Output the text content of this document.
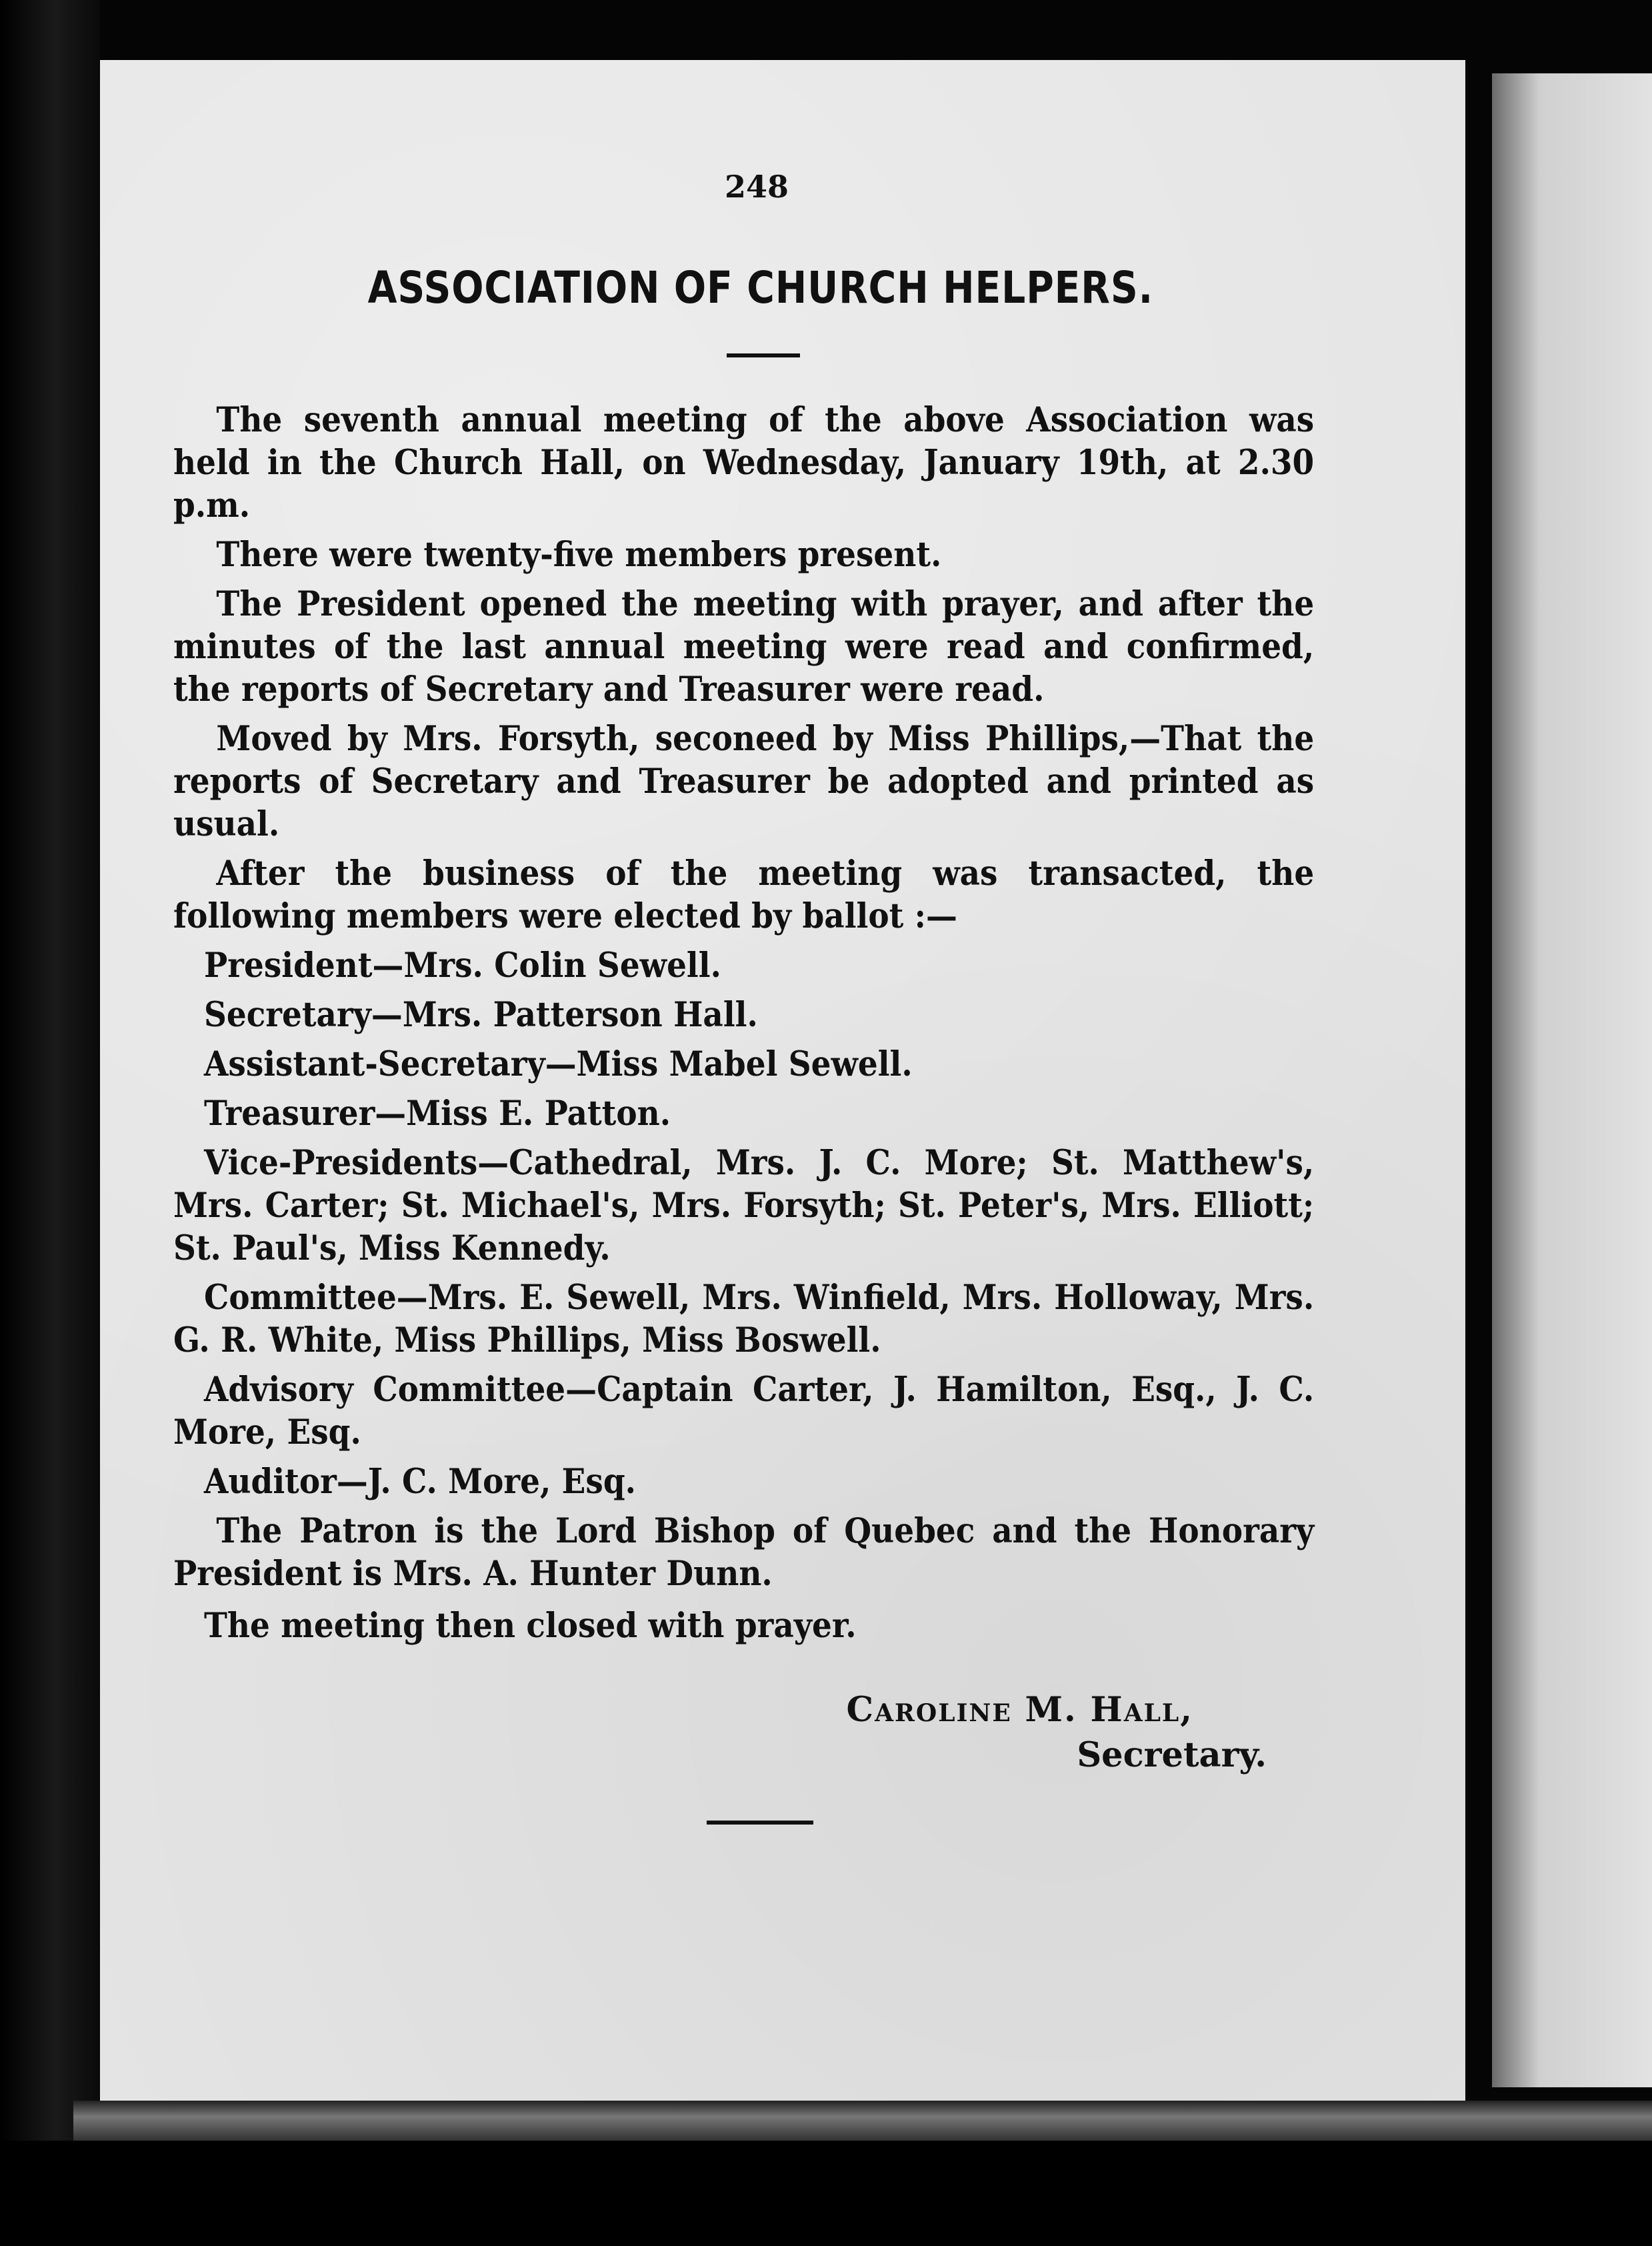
248
ASSOCIATION OF CHURCH HELPERS.

The seventh annual meeting of the above Association was held in the Church Hall, on Wednesday, January 19th, at 2.30 p.m.

There were twenty-five members present.

The President opened the meeting with prayer, and after the minutes of the last annual meeting were read and confirmed, the reports of Secretary and Treasurer were read.

Moved by Mrs. Forsyth, seconeed by Miss Phillips,—That the reports of Secretary and Treasurer be adopted and printed as usual.

After the business of the meeting was transacted, the following members were elected by ballot :—

President—Mrs. Colin Sewell.

Secretary—Mrs. Patterson Hall.

Assistant-Secretary—Miss Mabel Sewell.

Treasurer—Miss E. Patton.

Vice-Presidents—Cathedral, Mrs. J. C. More; St. Matthew's, Mrs. Carter; St. Michael's, Mrs. Forsyth; St. Peter's, Mrs. Elliott; St. Paul's, Miss Kennedy.

Committee—Mrs. E. Sewell, Mrs. Winfield, Mrs. Holloway, Mrs. G. R. White, Miss Phillips, Miss Boswell.

Advisory Committee—Captain Carter, J. Hamilton, Esq., J. C. More, Esq.

Auditor—J. C. More, Esq.

The Patron is the Lord Bishop of Quebec and the Honorary President is Mrs. A. Hunter Dunn.

The meeting then closed with prayer.

Caroline M. Hall,
Secretary.
